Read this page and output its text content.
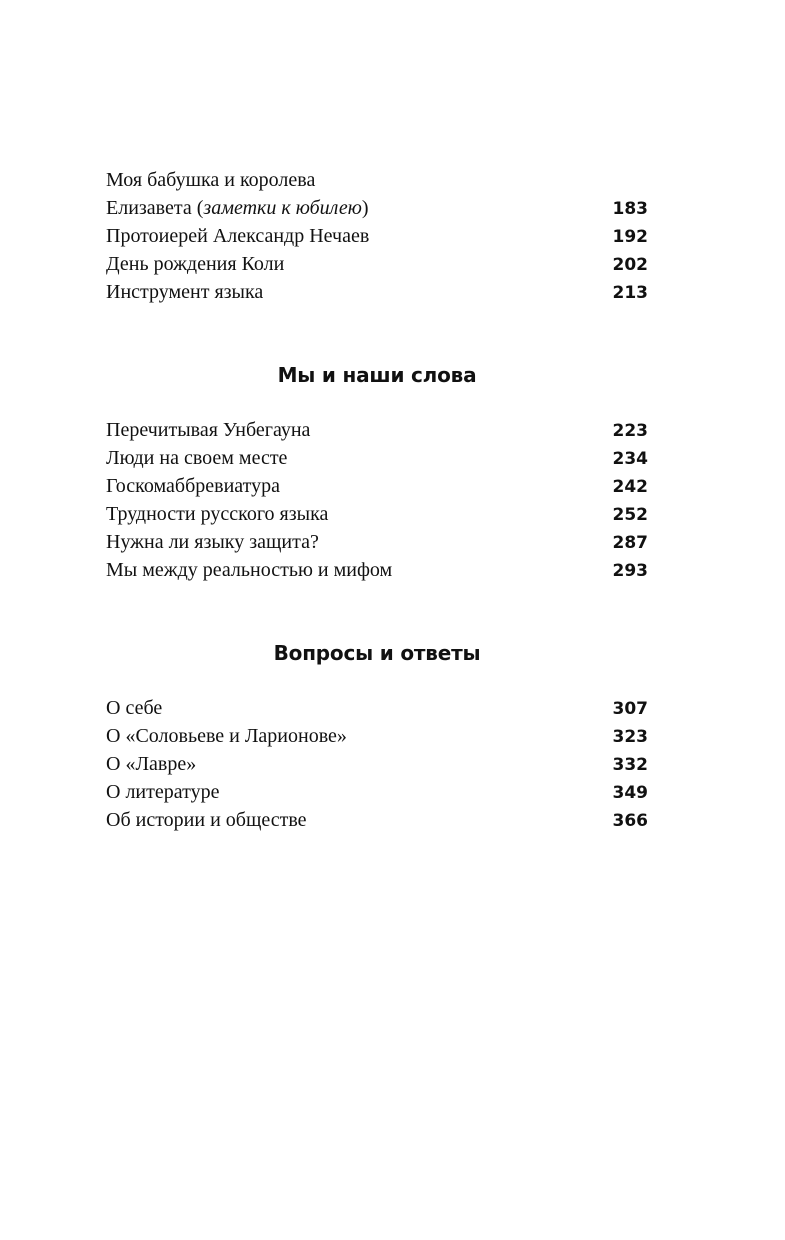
Моя бабушка и королева
Елизавета (заметки к юбилею)	183
Протоиерей Александр Нечаев	192
День рождения Коли	202
Инструмент языка	213
Мы и наши слова
Перечитывая Унбегауна	223
Люди на своем месте	234
Госкомаббревиатура	242
Трудности русского языка	252
Нужна ли языку защита?	287
Мы между реальностью и мифом	293
Вопросы и ответы
О себе	307
О «Соловьеве и Ларионове»	323
О «Лавре»	332
О литературе	349
Об истории и обществе	366
